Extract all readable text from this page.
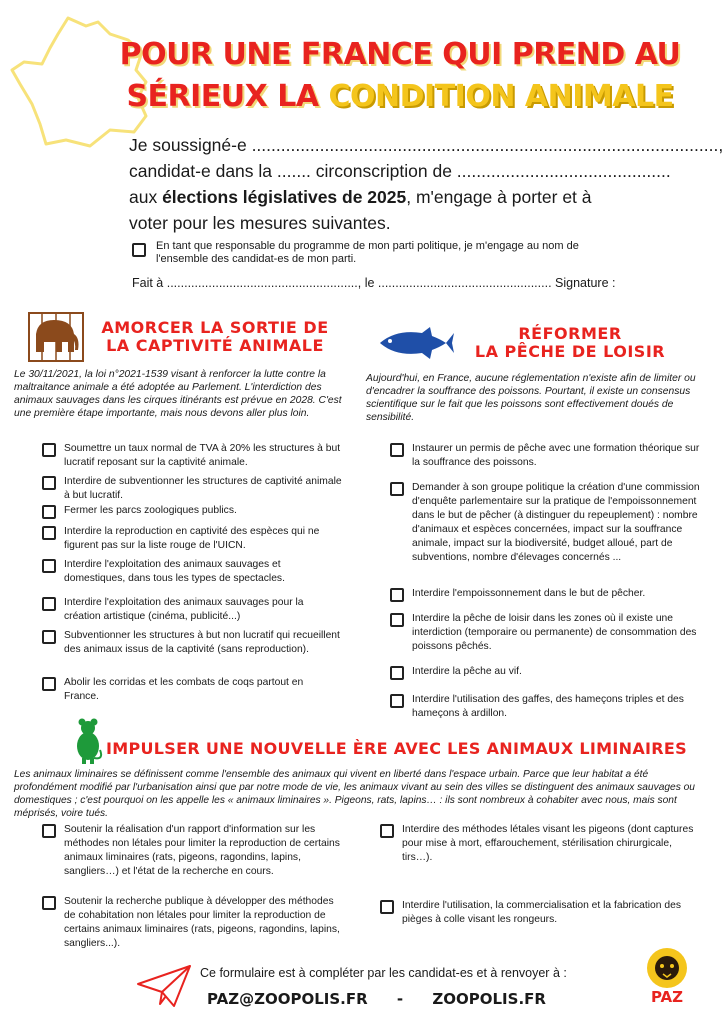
POUR UNE FRANCE QUI PREND AU
SÉRIEUX LA CONDITION ANIMALE
Je soussigné-e ................................................................................................,
candidat-e dans la ....... circonscription de ............................................
aux élections législatives de 2025, m'engage à porter et à
voter pour les mesures suivantes.
En tant que responsable du programme de mon parti politique, je m'engage au nom de l'ensemble des candidat-es de mon parti.
Fait à ......................................................., le .................................................. Signature :
AMORCER LA SORTIE DE
LA CAPTIVITÉ ANIMALE
Le 30/11/2021, la loi n°2021-1539 visant à renforcer la lutte contre la maltraitance animale a été adoptée au Parlement. L'interdiction des animaux sauvages dans les cirques itinérants est prévue en 2028. C'est une première étape importante, mais nous devons aller plus loin.
Soumettre un taux normal de TVA à 20% les structures à but lucratif reposant sur la captivité animale.
Interdire de subventionner les structures de captivité animale à but lucratif.
Fermer les parcs zoologiques publics.
Interdire la reproduction en captivité des espèces qui ne figurent pas sur la liste rouge de l'UICN.
Interdire l'exploitation des animaux sauvages et domestiques, dans tous les types de spectacles.
Interdire l'exploitation des animaux sauvages pour la création artistique (cinéma, publicité...)
Subventionner les structures à but non lucratif qui recueillent des animaux issus de la captivité (sans reproduction).
Abolir les corridas et les combats de coqs partout en France.
RÉFORMER
LA PÊCHE DE LOISIR
Aujourd'hui, en France, aucune réglementation n'existe afin de limiter ou d'encadrer la souffrance des poissons. Pourtant, il existe un consensus scientifique sur le fait que les poissons sont effectivement doués de sensibilité.
Instaurer un permis de pêche avec une formation théorique sur la souffrance des poissons.
Demander à son groupe politique la création d'une commission d'enquête parlementaire sur la pratique de l'empoissonnement dans le but de pêcher (à distinguer du repeuplement) : nombre d'animaux et espèces concernées, impact sur la souffrance animale, impact sur la biodiversité, budget alloué, part de subventions, nombre d'élevages concernés ...
Interdire l'empoissonnement dans le but de pêcher.
Interdire la pêche de loisir dans les zones où il existe une interdiction (temporaire ou permanente) de consommation des poissons pêchés.
Interdire la pêche au vif.
Interdire l'utilisation des gaffes, des hameçons triples et des hameçons à ardillon.
IMPULSER UNE NOUVELLE ÈRE AVEC LES ANIMAUX LIMINAIRES
Les animaux liminaires se définissent comme l'ensemble des animaux qui vivent en liberté dans l'espace urbain. Parce que leur habitat a été profondément modifié par l'urbanisation ainsi que par notre mode de vie, les animaux vivant au sein des villes se distinguent des animaux sauvages ou domestiques ; c'est pourquoi on les appelle les « animaux liminaires ». Pigeons, rats, lapins… : ils sont nombreux à cohabiter avec nous, mais sont méprisés, voire tués.
Soutenir la réalisation d'un rapport d'information sur les méthodes non létales pour limiter la reproduction de certains animaux liminaires (rats, pigeons, ragondins, lapins, sangliers…) et l'état de la recherche en cours.
Soutenir la recherche publique à développer des méthodes de cohabitation non létales pour limiter la reproduction de certains animaux liminaires (rats, pigeons, ragondins, lapins, sangliers...).
Interdire des méthodes létales visant les pigeons (dont captures pour mise à mort, effarouchement, stérilisation chirurgicale, tirs…).
Interdire l'utilisation, la commercialisation et la fabrication des pièges à colle visant les rongeurs.
Ce formulaire est à compléter par les candidat-es et à renvoyer à :
PAZ@ZOOPOLIS.FR - ZOOPOLIS.FR	PAZ
